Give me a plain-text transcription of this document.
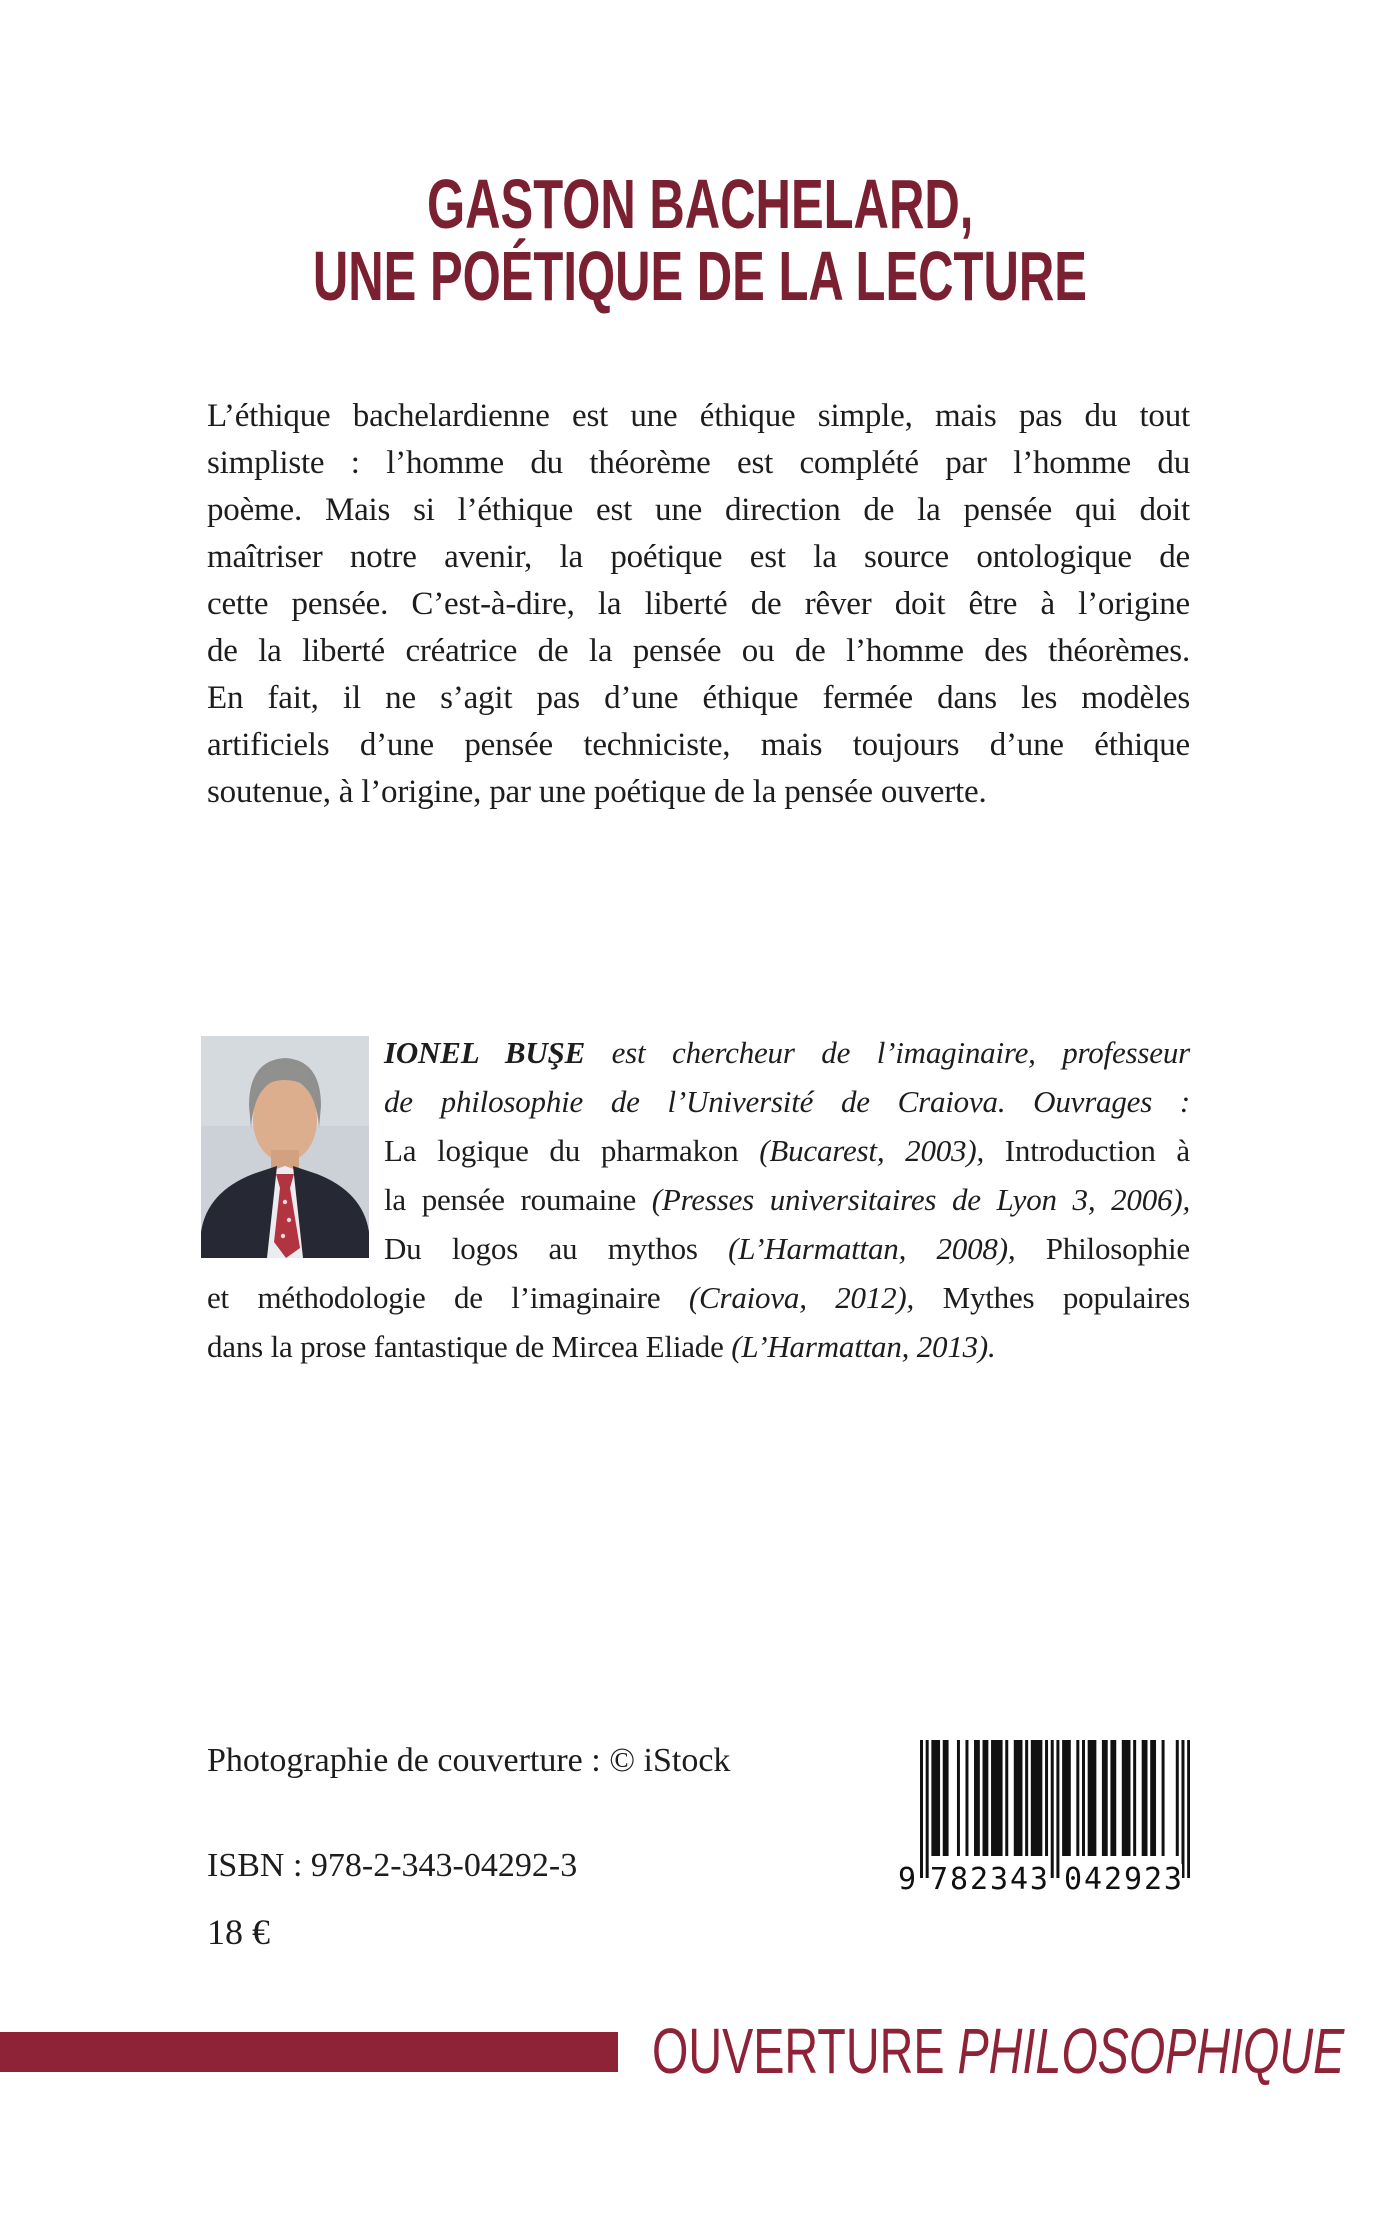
GASTON BACHELARD,
UNE POÉTIQUE DE LA LECTURE
L’éthique bachelardienne est une éthique simple, mais pas du tout
simpliste : l’homme du théorème est complété par l’homme du
poème. Mais si l’éthique est une direction de la pensée qui doit
maîtriser notre avenir, la poétique est la source ontologique de
cette pensée. C’est-à-dire, la liberté de rêver doit être à l’origine
de la liberté créatrice de la pensée ou de l’homme des théorèmes.
En fait, il ne s’agit pas d’une éthique fermée dans les modèles
artificiels d’une pensée techniciste, mais toujours d’une éthique
soutenue, à l’origine, par une poétique de la pensée ouverte.
IONEL BUŞE est chercheur de l’imaginaire, professeur
de philosophie de l’Université de Craiova. Ouvrages :
La logique du pharmakon (Bucarest, 2003), Introduction à
la pensée roumaine (Presses universitaires de Lyon 3, 2006),
Du logos au mythos (L’Harmattan, 2008), Philosophie
et méthodologie de l’imaginaire (Craiova, 2012), Mythes populaires
dans la prose fantastique de Mircea Eliade (L’Harmattan, 2013).
Photographie de couverture : © iStock
ISBN : 978-2-343-04292-3
18 €
9 7 8 2 3 4 3 0 4 2 9 2 3
OUVERTURE PHILOSOPHIQUE
